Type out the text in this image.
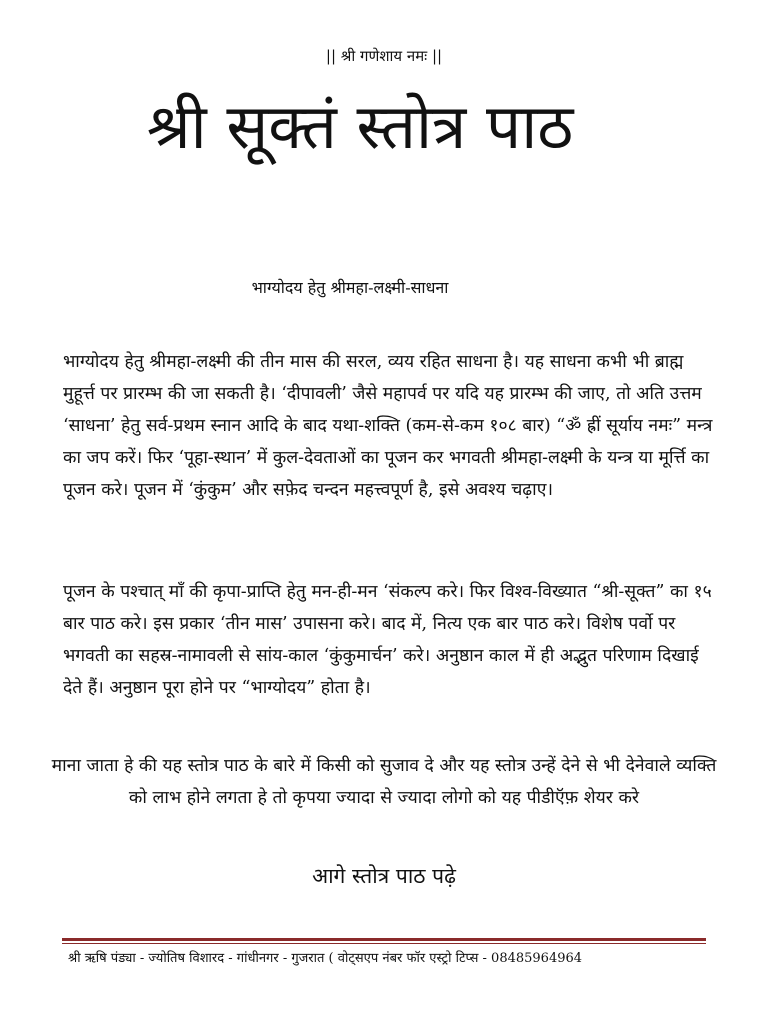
|| श्री गणेशाय नमः ||
श्री सूक्तं स्तोत्र पाठ
भाग्योदय हेतु श्रीमहा-लक्ष्मी-साधना
भाग्योदय हेतु श्रीमहा-लक्ष्मी की तीन मास की सरल, व्यय रहित साधना है। यह साधना कभी भी ब्राह्म मुहूर्त्त पर प्रारम्भ की जा सकती है। ‘दीपावली’ जैसे महापर्व पर यदि यह प्रारम्भ की जाए, तो अति उत्तम ‘साधना’ हेतु सर्व-प्रथम स्नान आदि के बाद यथा-शक्ति (कम-से-कम १०८ बार) “ॐ ह्रीं सूर्याय नमः” मन्त्र का जप करें। फिर ‘पूहा-स्थान’ में कुल-देवताओं का पूजन कर भगवती श्रीमहा-लक्ष्मी के यन्त्र या मूर्त्ति का पूजन करे। पूजन में ‘कुंकुम’ और सफ़ेद चन्दन महत्त्वपूर्ण है, इसे अवश्य चढ़ाए।
पूजन के पश्चात् माँ की कृपा-प्राप्ति हेतु मन-ही-मन ‘संकल्प करे। फिर विश्व-विख्यात “श्री-सूक्त” का १५ बार पाठ करे। इस प्रकार ‘तीन मास’ उपासना करे। बाद में, नित्य एक बार पाठ करे। विशेष पर्वो पर भगवती का सहस्र-नामावली से सांय-काल ‘कुंकुमार्चन’ करे। अनुष्ठान काल में ही अद्भुत परिणाम दिखाई देते हैं। अनुष्ठान पूरा होने पर “भाग्योदय” होता है।
माना जाता हे की यह स्तोत्र पाठ के बारे में किसी को सुजाव दे और यह स्तोत्र उन्हें देने से भी देनेवाले व्यक्ति को लाभ होने लगता हे तो कृपया ज्यादा से ज्यादा लोगो को यह पीडीऍफ़ शेयर करे
आगे स्तोत्र पाठ पढ़े
श्री ऋषि पंड्या - ज्योतिष विशारद - गांधीनगर - गुजरात ( वोट्सएप नंबर फॉर एस्ट्रो टिप्स - 08485964964
